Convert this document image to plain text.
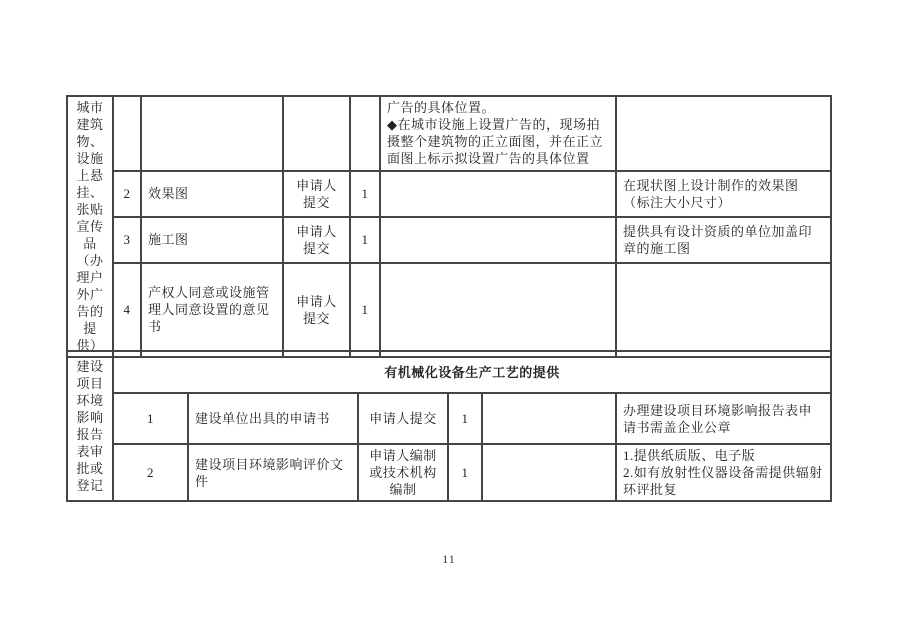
城市建筑物、设施上悬挂、张贴宣传品（办理户外广告的提供）					广告的具体位置。
◆在城市设施上设置广告的，现场拍摄整个建筑物的正立面图，并在正立面图上标示拟设置广告的具体位置	

	2	效果图	申请人提交	1		在现状图上设计制作的效果图（标注大小尺寸）
	3	施工图	申请人提交	1		提供具有设计资质的单位加盖印章的施工图
	4	产权人同意或设施管理人同意设置的意见书	申请人提交	1		
建设项目环境影响报告表审批或登记	有机械化设备生产工艺的提供					
	1	建设单位出具的申请书	申请人提交	1		办理建设项目环境影响报告表申请书需盖企业公章

	2	建设项目环境影响评价文件	申请人编制或技术机构编制	1		1.提供纸质版、电子版
2.如有放射性仪器设备需提供辐射环评批复
11
